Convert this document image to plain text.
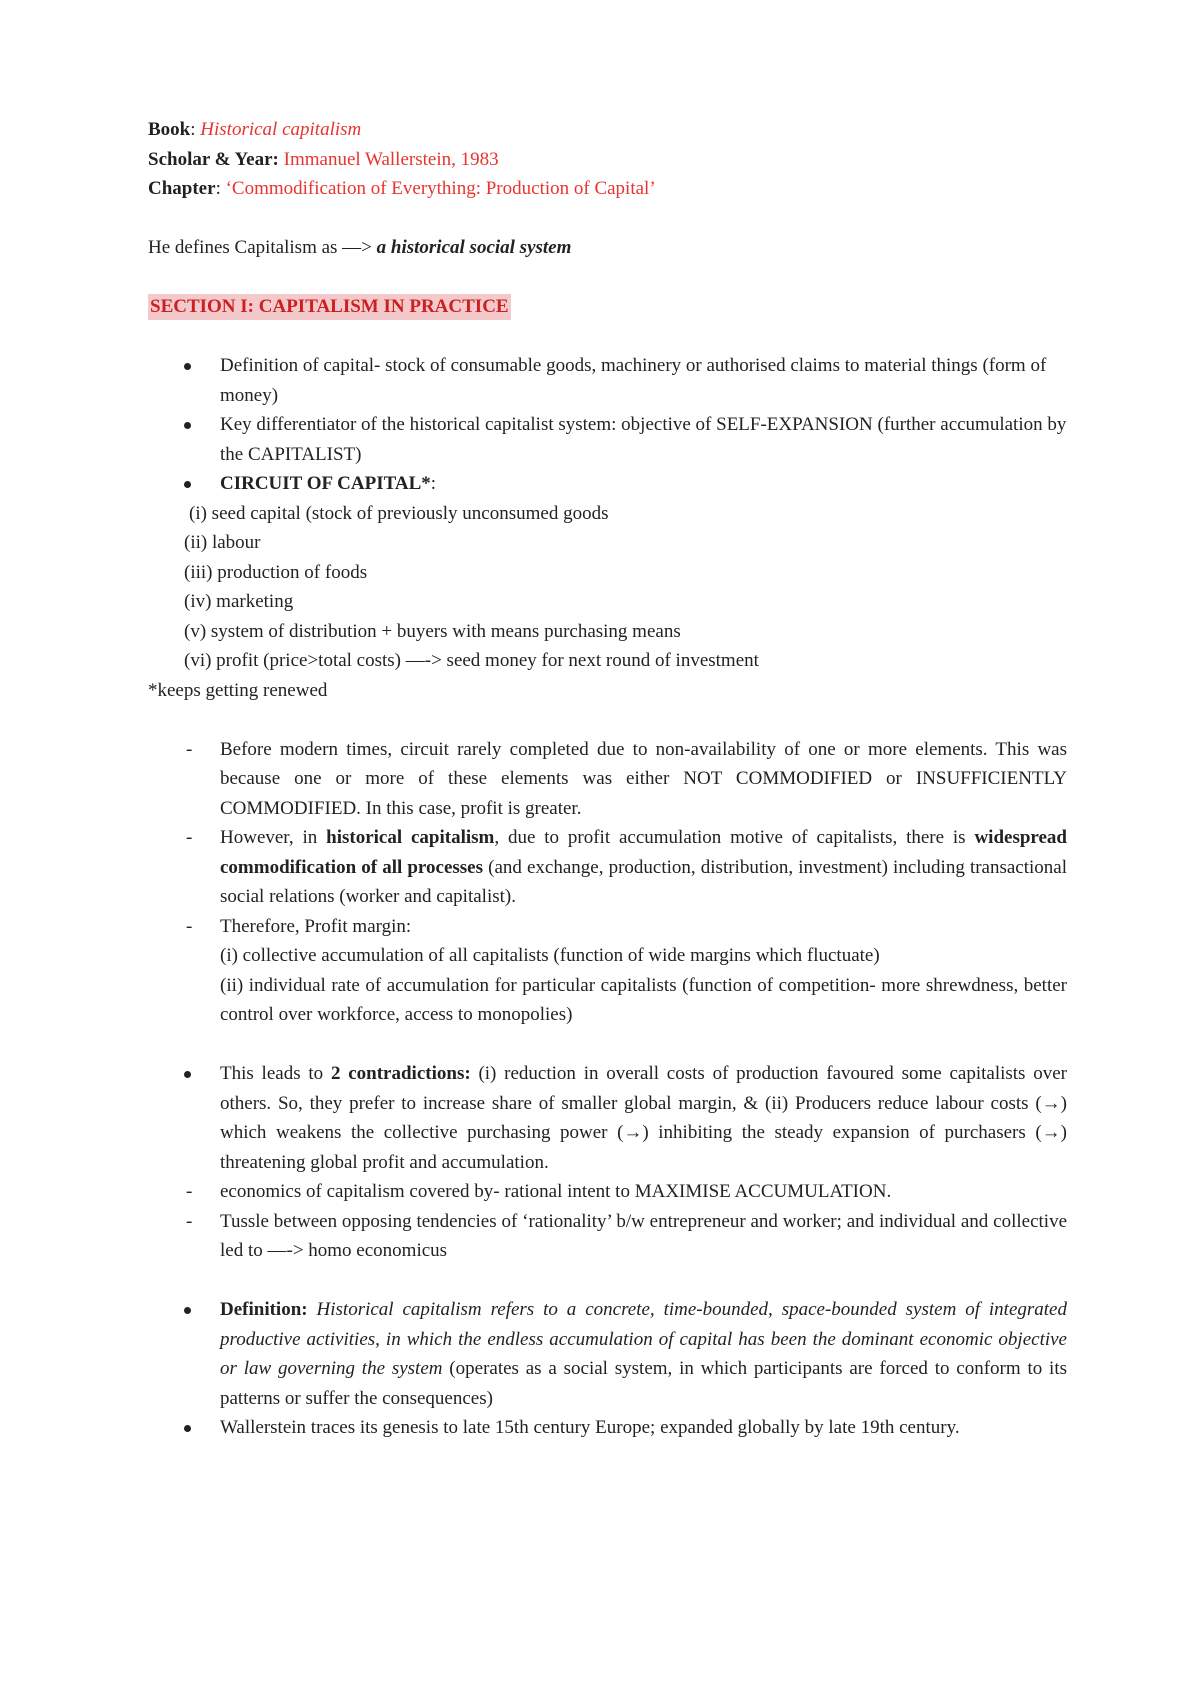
Book: Historical capitalism
Scholar & Year: Immanuel Wallerstein, 1983
Chapter: ‘Commodification of Everything: Production of Capital’
He defines Capitalism as —> a historical social system
SECTION I: CAPITALISM IN PRACTICE
Definition of capital- stock of consumable goods, machinery or authorised claims to material things (form of money)
Key differentiator of the historical capitalist system: objective of SELF-EXPANSION (further accumulation by the CAPITALIST)
CIRCUIT OF CAPITAL*:
(i) seed capital (stock of previously unconsumed goods
(ii) labour
(iii) production of foods
(iv) marketing
(v) system of distribution + buyers with means purchasing means
(vi) profit (price>total costs) —-> seed money for next round of investment
*keeps getting renewed
- Before modern times, circuit rarely completed due to non-availability of one or more elements. This was because one or more of these elements was either NOT COMMODIFIED or INSUFFICIENTLY COMMODIFIED. In this case, profit is greater.
- However, in historical capitalism, due to profit accumulation motive of capitalists, there is widespread commodification of all processes (and exchange, production, distribution, investment) including transactional social relations (worker and capitalist).
- Therefore, Profit margin:
(i) collective accumulation of all capitalists (function of wide margins which fluctuate)
(ii) individual rate of accumulation for particular capitalists (function of competition- more shrewdness, better control over workforce, access to monopolies)
This leads to 2 contradictions: (i) reduction in overall costs of production favoured some capitalists over others. So, they prefer to increase share of smaller global margin, & (ii) Producers reduce labour costs (→) which weakens the collective purchasing power (→) inhibiting the steady expansion of purchasers (→) threatening global profit and accumulation.
- economics of capitalism covered by- rational intent to MAXIMISE ACCUMULATION.
- Tussle between opposing tendencies of ‘rationality’ b/w entrepreneur and worker; and individual and collective led to —-> homo economicus
Definition: Historical capitalism refers to a concrete, time-bounded, space-bounded system of integrated productive activities, in which the endless accumulation of capital has been the dominant economic objective or law governing the system (operates as a social system, in which participants are forced to conform to its patterns or suffer the consequences)
Wallerstein traces its genesis to late 15th century Europe; expanded globally by late 19th century.
